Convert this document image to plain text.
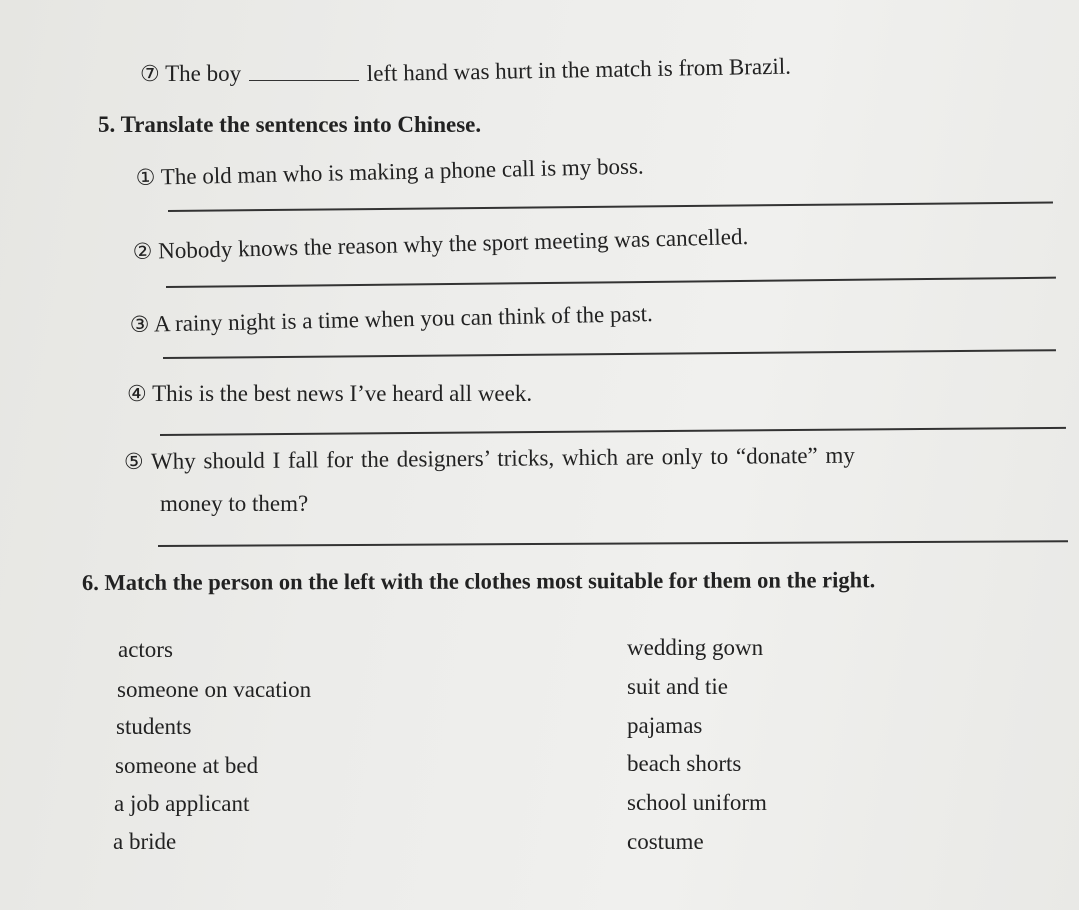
⑦ The boy	left hand was hurt in the match is from Brazil.
5. Translate the sentences into Chinese.
① The old man who is making a phone call is my boss.
② Nobody knows the reason why the sport meeting was cancelled.
③ A rainy night is a time when you can think of the past.
④ This is the best news I’ve heard all week.
⑤ Why should I fall for the designers’ tricks, which are only to “donate” my
money to them?
6. Match the person on the left with the clothes most suitable for them on the right.
actors
someone on vacation
students
someone at bed
a job applicant
a bride
wedding gown
suit and tie
pajamas
beach shorts
school uniform
costume
